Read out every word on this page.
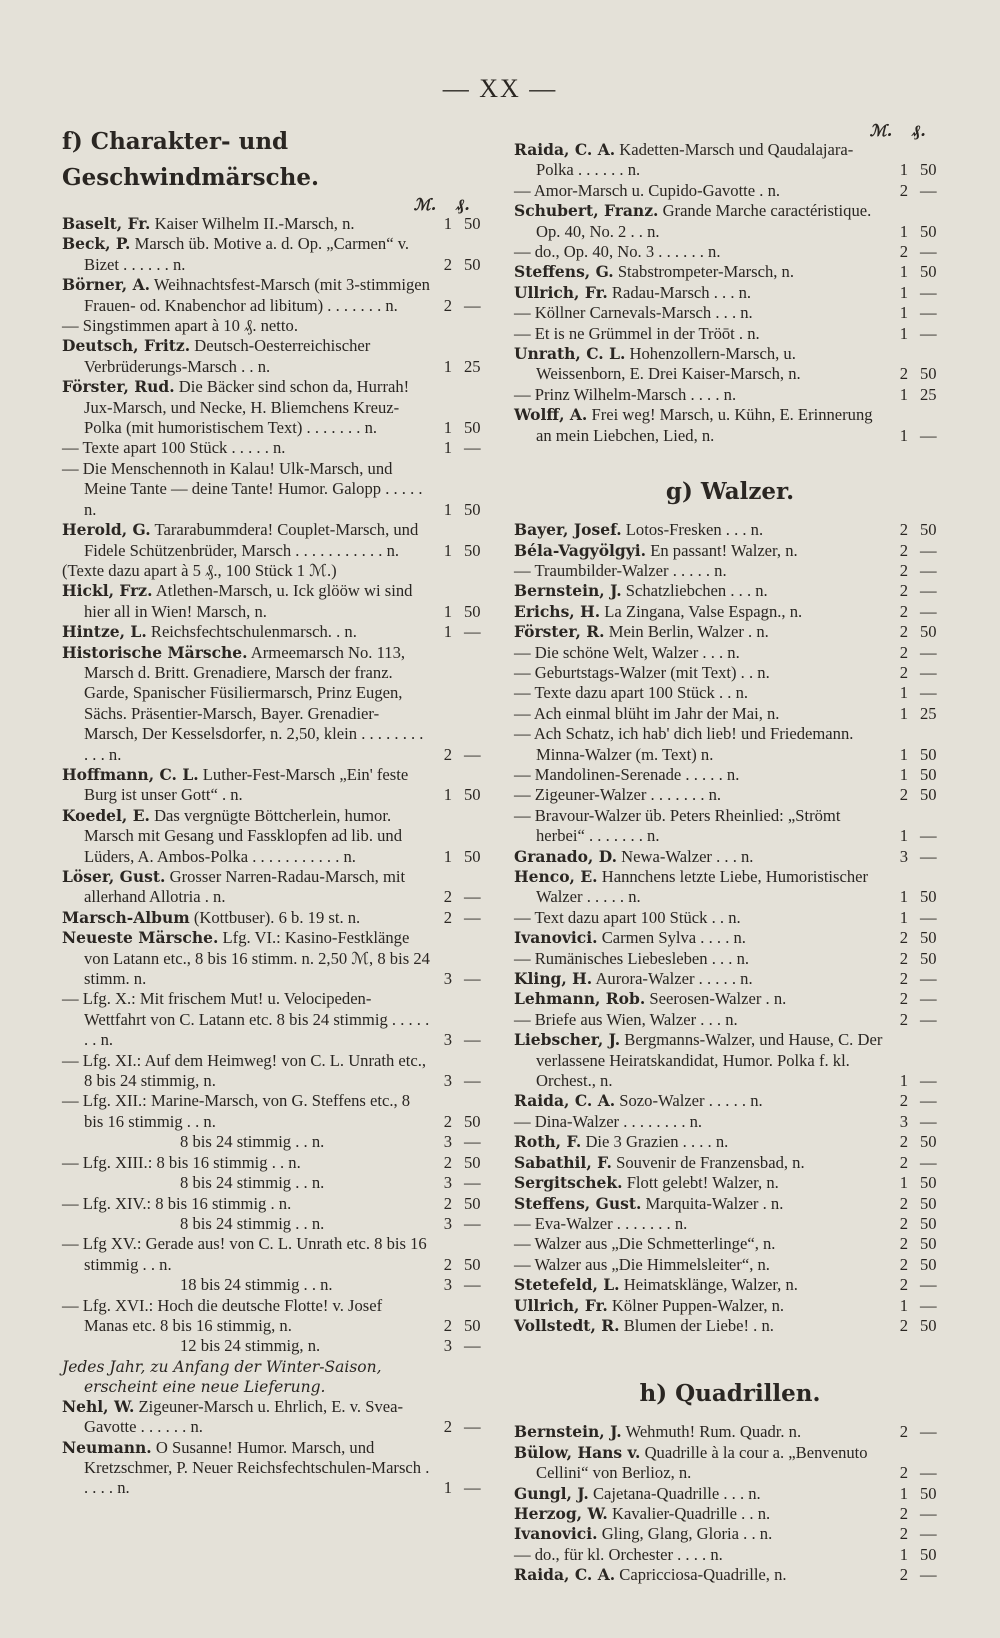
— XX —
f) Charakter- und Geschwindmärsche.
ℳ.	₰.
Baselt, Fr. Kaiser Wilhelm II.-Marsch, n.	1 50
Beck, P. Marsch üb. Motive a. d. Op. „Carmen“ v. Bizet . . . . . . n.	2 50
Börner, A. Weihnachtsfest-Marsch (mit 3-stimmigen Frauen- od. Knabenchor ad libitum) . . . . . . . n.	2 —
— Singstimmen apart à 10 ₰. netto.
Deutsch, Fritz. Deutsch-Oesterreichischer Verbrüderungs-Marsch . . n.	1 25
Förster, Rud. Die Bäcker sind schon da, Hurrah! Jux-Marsch, und Necke, H. Bliemchens Kreuz-Polka (mit humoristischem Text) . . . . . . . n.	1 50
— Texte apart 100 Stück . . . . . n.	1 —
— Die Menschennoth in Kalau! Ulk-Marsch, und Meine Tante — deine Tante! Humor. Galopp . . . . . n.	1 50
Herold, G. Tararabummdera! Couplet-Marsch, und Fidele Schützenbrüder, Marsch . . . . . . . . . . . n.	1 50
(Texte dazu apart à 5 ₰., 100 Stück 1 ℳ.)
Hickl, Frz. Atlethen-Marsch, u. Ick glööw wi sind hier all in Wien! Marsch, n.	1 50
Hintze, L. Reichsfechtschulenmarsch. . n.	1 —
Historische Märsche. Armeemarsch No. 113, Marsch d. Britt. Grenadiere, Marsch der franz. Garde, Spanischer Füsiliermarsch, Prinz Eugen, Sächs. Präsentier-Marsch, Bayer. Grenadier-Marsch, Der Kesselsdorfer, n. 2,50, klein . . . . . . . . . . . n.	2 —
Hoffmann, C. L. Luther-Fest-Marsch „Ein' feste Burg ist unser Gott“ . n.	1 50
Koedel, E. Das vergnügte Böttcherlein, humor. Marsch mit Gesang und Fassklopfen ad lib. und Lüders, A. Ambos-Polka . . . . . . . . . . . n.	1 50
Löser, Gust. Grosser Narren-Radau-Marsch, mit allerhand Allotria . n.	2 —
Marsch-Album (Kottbuser). 6 b. 19 st. n.	2 —
Neueste Märsche. Lfg. VI.: Kasino-Festklänge von Latann etc., 8 bis 16 stimm. n. 2,50 ℳ, 8 bis 24 stimm. n.	3 —
— Lfg. X.: Mit frischem Mut! u. Velocipeden-Wettfahrt von C. Latann etc. 8 bis 24 stimmig . . . . . . . n.	3 —
— Lfg. XI.: Auf dem Heimweg! von C. L. Unrath etc., 8 bis 24 stimmig, n.	3 —
— Lfg. XII.: Marine-Marsch, von G. Steffens etc., 8 bis 16 stimmig . . n.	2 50
8 bis 24 stimmig . . n.	3 —
— Lfg. XIII.: 8 bis 16 stimmig . . n.	2 50
8 bis 24 stimmig . . n.	3 —
— Lfg. XIV.: 8 bis 16 stimmig . n.	2 50
8 bis 24 stimmig . . n.	3 —
— Lfg XV.: Gerade aus! von C. L. Unrath etc. 8 bis 16 stimmig . . n.	2 50
18 bis 24 stimmig . . n.	3 —
— Lfg. XVI.: Hoch die deutsche Flotte! v. Josef Manas etc. 8 bis 16 stimmig, n.	2 50
12 bis 24 stimmig, n.	3 —
Jedes Jahr, zu Anfang der Winter-Saison, erscheint eine neue Lieferung.
Nehl, W. Zigeuner-Marsch u. Ehrlich, E. v. Svea-Gavotte . . . . . . n.	2 —
Neumann. O Susanne! Humor. Marsch, und Kretzschmer, P. Neuer Reichsfechtschulen-Marsch . . . . . n.	1 —
ℳ.	₰.
Raida, C. A. Kadetten-Marsch und Qaudalajara-Polka . . . . . . n.	1 50
— Amor-Marsch u. Cupido-Gavotte . n.	2 —
Schubert, Franz. Grande Marche caractéristique. Op. 40, No. 2 . . n.	1 50
— do., Op. 40, No. 3 . . . . . . n.	2 —
Steffens, G. Stabstrompeter-Marsch, n.	1 50
Ullrich, Fr. Radau-Marsch . . . n.	1 —
— Köllner Carnevals-Marsch . . . n.	1 —
— Et is ne Grümmel in der Tröōt . n.	1 —
Unrath, C. L. Hohenzollern-Marsch, u. Weissenborn, E. Drei Kaiser-Marsch, n.	2 50
— Prinz Wilhelm-Marsch . . . . n.	1 25
Wolff, A. Frei weg! Marsch, u. Kühn, E. Erinnerung an mein Liebchen, Lied, n.	1 —
g) Walzer.
Bayer, Josef. Lotos-Fresken . . . n.	2 50
Béla-Vagyölgyi. En passant! Walzer, n.	2 —
— Traumbilder-Walzer . . . . . n.	2 —
Bernstein, J. Schatzliebchen . . . n.	2 —
Erichs, H. La Zingana, Valse Espagn., n.	2 —
Förster, R. Mein Berlin, Walzer . n.	2 50
— Die schöne Welt, Walzer . . . n.	2 —
— Geburtstags-Walzer (mit Text) . . n.	2 —
— Texte dazu apart 100 Stück . . n.	1 —
— Ach einmal blüht im Jahr der Mai, n.	1 25
— Ach Schatz, ich hab' dich lieb! und Friedemann. Minna-Walzer (m. Text) n.	1 50
— Mandolinen-Serenade . . . . . n.	1 50
— Zigeuner-Walzer . . . . . . . n.	2 50
— Bravour-Walzer üb. Peters Rheinlied: „Strömt herbei“ . . . . . . . n.	1 —
Granado, D. Newa-Walzer . . . n.	3 —
Henco, E. Hannchens letzte Liebe, Humoristischer Walzer . . . . . n.	1 50
— Text dazu apart 100 Stück . . n.	1 —
Ivanovici. Carmen Sylva . . . . n.	2 50
— Rumänisches Liebesleben . . . n.	2 50
Kling, H. Aurora-Walzer . . . . . n.	2 —
Lehmann, Rob. Seerosen-Walzer . n.	2 —
— Briefe aus Wien, Walzer . . . n.	2 —
Liebscher, J. Bergmanns-Walzer, und Hause, C. Der verlassene Heiratskandidat, Humor. Polka f. kl. Orchest., n.	1 —
Raida, C. A. Sozo-Walzer . . . . . n.	2 —
— Dina-Walzer . . . . . . . . n.	3 —
Roth, F. Die 3 Grazien . . . . n.	2 50
Sabathil, F. Souvenir de Franzensbad, n.	2 —
Sergitschek. Flott gelebt! Walzer, n.	1 50
Steffens, Gust. Marquita-Walzer . n.	2 50
— Eva-Walzer . . . . . . . n.	2 50
— Walzer aus „Die Schmetterlinge“, n.	2 50
— Walzer aus „Die Himmelsleiter“, n.	2 50
Stetefeld, L. Heimatsklänge, Walzer, n.	2 —
Ullrich, Fr. Kölner Puppen-Walzer, n.	1 —
Vollstedt, R. Blumen der Liebe! . n.	2 50
h) Quadrillen.
Bernstein, J. Wehmuth! Rum. Quadr. n.	2 —
Bülow, Hans v. Quadrille à la cour a. „Benvenuto Cellini“ von Berlioz, n.	2 —
Gungl, J. Cajetana-Quadrille . . . n.	1 50
Herzog, W. Kavalier-Quadrille . . n.	2 —
Ivanovici. Gling, Glang, Gloria . . n.	2 —
— do., für kl. Orchester . . . . n.	1 50
Raida, C. A. Capricciosa-Quadrille, n.	2 —
